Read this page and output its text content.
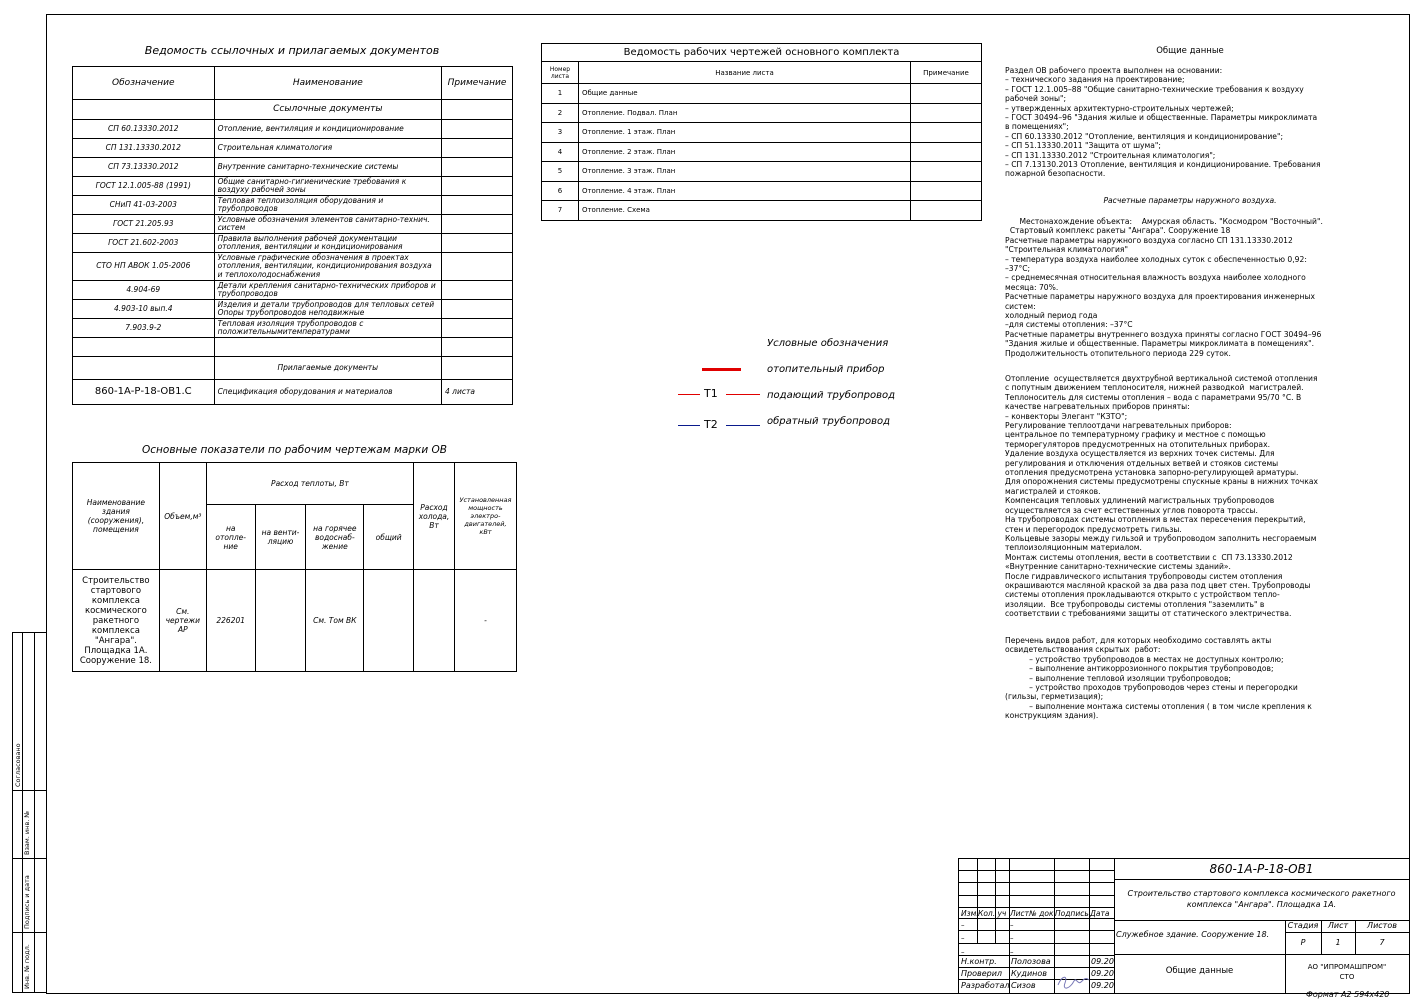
Согласовано
Взам. инв. №
Подпись и дата
Инв. № подл.
Ведомость ссылочных и прилагаемых документов
Обозначение	Наименование	Примечание
	Ссылочные документы	
СП 60.13330.2012	Отопление, вентиляция и кондиционирование	
СП 131.13330.2012	Строительная климатология	
СП 73.13330.2012	Внутренние санитарно-технические системы	
ГОСТ 12.1.005-88 (1991)	Общие санитарно-гигиенические требования к воздуху рабочей зоны	
СНиП 41-03-2003	Тепловая теплоизоляция оборудования и трубопроводов	
ГОСТ 21.205.93	Условные обозначения элементов санитарно-технич. систем	
ГОСТ 21.602-2003	Правила выполнения рабочей документации отопления, вентиляции и кондиционирования	
СТО НП АВОК 1.05-2006	Условные графические обозначения в проектах отопления, вентиляции, кондиционирования воздуха и теплохолодоснабжения	
4.904-69	Детали крепления санитарно-технических приборов и трубопроводов	
4.903-10 вып.4	Изделия и детали трубопроводов для тепловых сетей Опоры трубопроводов неподвижные	
7.903.9-2	Тепловая изоляция трубопроводов с положительнымитемпературами	

	Прилагаемые документы	
860-1А-Р-18-ОВ1.С	Спецификация оборудования и материалов	4 листа
Ведомость рабочих чертежей основного комплекта		
Номер листа	Название листа	Примечание
1	Общие данные	
2	Отопление. Подвал. План	
3	Отопление. 1 этаж. План	
4	Отопление. 2 этаж. План	
5	Отопление. 3 этаж. План	
6	Отопление. 4 этаж. План	
7	Отопление. Схема	
Условные обозначения
отопительный прибор
T1	подающий трубопровод
T2	обратный трубопровод
Основные показатели по рабочим чертежам марки ОВ
Наименование здания (сооружения), помещения	Объем,м³	Расход теплоты, Вт				Расход холода, Вт	Установленная мощность электро-двигателей, кВт
		на отопле-ние	на венти-ляцию	на горячее водоснаб-жение	общий		
Строительство стартового комплекса космического ракетного комплекса "Ангара". Площадка 1А. Сооружение 18.	См. чертежи АР	226201		См. Том ВК			-
Общие данные
Раздел ОВ рабочего проекта выполнен на основании:
– технического задания на проектирование;
– ГОСТ 12.1.005–88 "Общие санитарно-технические требования к воздуху
рабочей зоны";
– утвержденных архитектурно-строительных чертежей;
– ГОСТ 30494–96 "Здания жилые и общественные. Параметры микроклимата
в помещениях";
– СП 60.13330.2012 "Отопление, вентиляция и кондиционирование";
– СП 51.13330.2011 "Защита от шума";
– СП 131.13330.2012 "Строительная климатология";
– СП 7.13130.2013 Отопление, вентиляция и кондиционирование. Требования
пожарной безопасности.
Расчетные параметры наружного воздуха.
Местонахождение объекта:    Амурская область. "Космодром "Восточный".
Стартовый комплекс ракеты "Ангара". Сооружение 18
Расчетные параметры наружного воздуха согласно СП 131.13330.2012
"Строительная климатология"
– температура воздуха наиболее холодных суток с обеспеченностью 0,92:
–37°C;
– среднемесячная относительная влажность воздуха наиболее холодного
месяца: 70%.
Расчетные параметры наружного воздуха для проектирования инженерных
систем:
холодный период года
–для системы отопления: –37°C
Расчетные параметры внутреннего воздуха приняты согласно ГОСТ 30494–96
"Здания жилые и общественные. Параметры микроклимата в помещениях".
Продолжительность отопительного периода 229 суток.
Отопление  осуществляется двухтрубной вертикальной системой отопления
с попутным движением теплоносителя, нижней разводкой  магистралей.
Теплоноситель для системы отопления – вода с параметрами 95/70 °С. В
качестве нагревательных приборов приняты:
– конвекторы Элегант "КЗТО";
Регулирование теплоотдачи нагревательных приборов:
центральное по температурному графику и местное с помощью
терморегуляторов предусмотренных на отопительных приборах.
Удаление воздуха осуществляется из верхних точек системы. Для
регулирования и отключения отдельных ветвей и стояков системы
отопления предусмотрена установка запорно-регулирующей арматуры.
Для опорожнения системы предусмотрены спускные краны в нижних точках
магистралей и стояков.
Компенсация тепловых удлинений магистральных трубопроводов
осуществляется за счет естественных углов поворота трассы.
На трубопроводах системы отопления в местах пересечения перекрытий,
стен и перегородок предусмотреть гильзы.
Кольцевые зазоры между гильзой и трубопроводом заполнить несгораемым
теплоизоляционным материалом.
Монтаж системы отопления, вести в соответствии с  СП 73.13330.2012
«Внутренние санитарно-технические системы зданий».
После гидравлического испытания трубопроводы систем отопления
окрашиваются масляной краской за два раза под цвет стен. Трубопроводы
системы отопления прокладываются открыто с устройством тепло-
изоляции.  Все трубопроводы системы отопления "заземлить" в
соответствии с требованиями защиты от статического электричества.
Перечень видов работ, для которых необходимо составлять акты
освидетельствования скрытых  работ:
– устройство трубопроводов в местах не доступных контролю;
– выполнение антикоррозионного покрытия трубопроводов;
– выполнение тепловой изоляции трубопроводов;
– устройство проходов трубопроводов через стены и перегородки
(гильзы, герметизация);
– выполнение монтажа системы отопления ( в том числе крепления к
конструкциям здания).
860-1А-Р-18-ОВ1
Строительство стартового комплекса космического ракетного комплекса "Ангара". Площадка 1А.
Служебное здание. Сооружение 18.
Общие данные
Стадия	Лист	Листов
Р	1	7
АО "ИПРОМАШПРОМ"
СТО
Изм. Кол. уч Лист № док Подпись Дата
–	–
–	–
–	–
Н.контр. Полозова	09.20
Проверил Кудинов	09.20
Разработал Сизов	09.20
Формат А2 594х420
